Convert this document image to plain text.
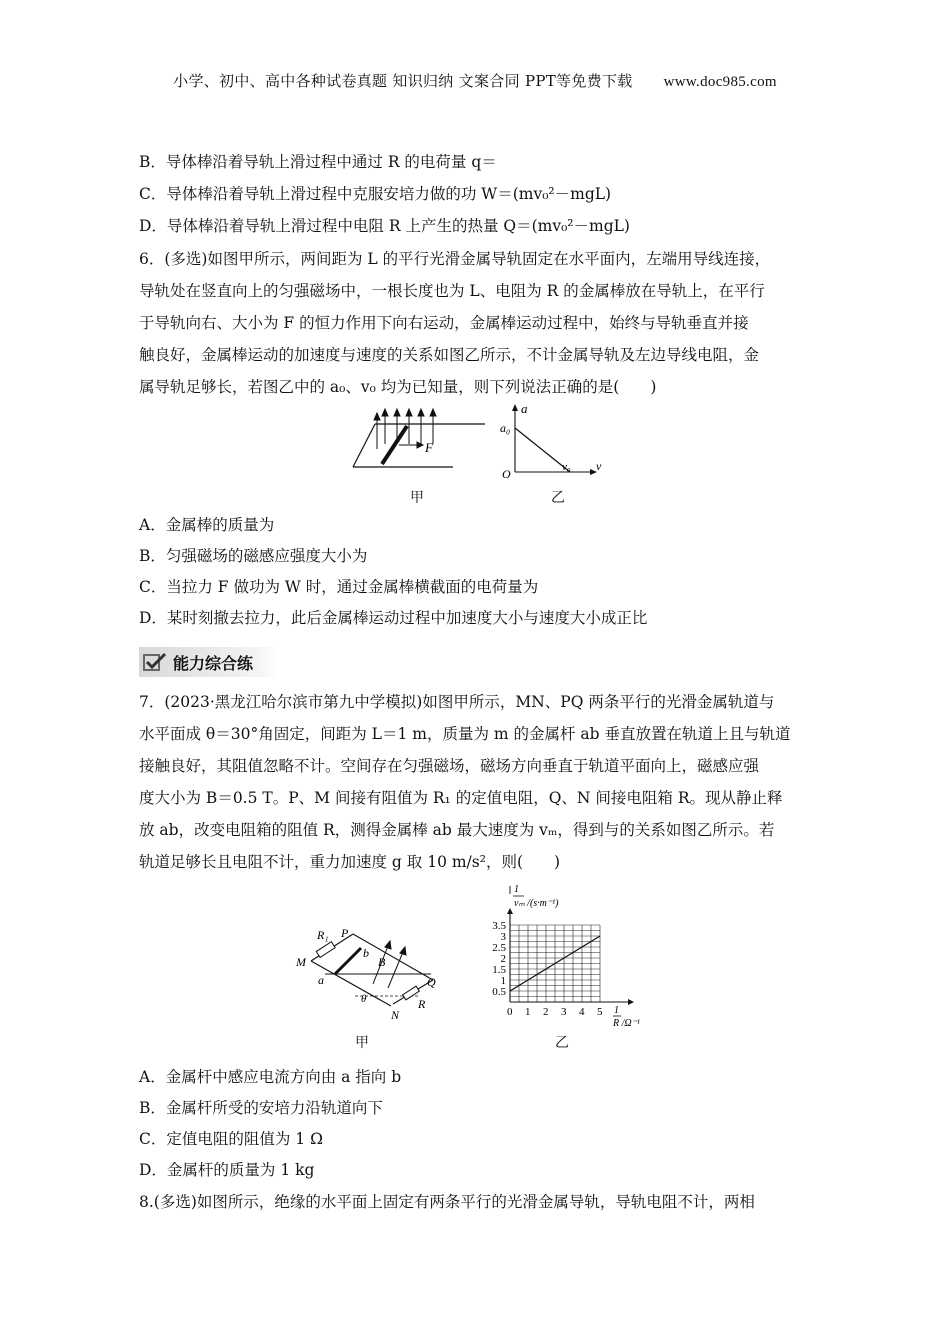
小学、初中、高中各种试卷真题 知识归纳 文案合同 PPT等免费下载 www.doc985.com
B．导体棒沿着导轨上滑过程中通过 R 的电荷量 q＝
C．导体棒沿着导轨上滑过程中克服安培力做的功 W＝(mv₀²－mgL)
D．导体棒沿着导轨上滑过程中电阻 R 上产生的热量 Q＝(mv₀²－mgL)
6．(多选)如图甲所示，两间距为 L 的平行光滑金属导轨固定在水平面内，左端用导线连接，
导轨处在竖直向上的匀强磁场中，一根长度也为 L、电阻为 R 的金属棒放在导轨上，在平行
于导轨向右、大小为 F 的恒力作用下向右运动，金属棒运动过程中，始终与导轨垂直并接
触良好，金属棒运动的加速度与速度的关系如图乙所示，不计金属导轨及左边导线电阻，金
属导轨足够长，若图乙中的 a₀、v₀ 均为已知量，则下列说法正确的是(　　)
F
a
a₀
O	v₀ v
甲	乙
A．金属棒的质量为
B．匀强磁场的磁感应强度大小为
C．当拉力 F 做功为 W 时，通过金属棒横截面的电荷量为
D．某时刻撤去拉力，此后金属棒运动过程中加速度大小与速度大小成正比
能力综合练
7．(2023·黑龙江哈尔滨市第九中学模拟)如图甲所示，MN、PQ 两条平行的光滑金属轨道与
水平面成 θ＝30°角固定，间距为 L＝1 m，质量为 m 的金属杆 ab 垂直放置在轨道上且与轨道
接触良好，其阻值忽略不计。空间存在匀强磁场，磁场方向垂直于轨道平面向上，磁感应强
度大小为 B＝0.5 T。P、M 间接有阻值为 R₁ 的定值电阻，Q、N 间接电阻箱 R。现从静止释
放 ab，改变电阻箱的阻值 R，测得金属棒 ab 最大速度为 vₘ，得到与的关系如图乙所示。若
轨道足够长且电阻不计，重力加速度 g 取 10 m/s²，则(　　)
R₁ P
b
B
M
a	Q
θ	R
N
甲
1
vₘ /(s·m⁻¹)
1
R /Ω⁻¹
0 1 2 3 4 5
0.5
1
1.5
2
2.5
3
3.5
乙
A．金属杆中感应电流方向由 a 指向 b
B．金属杆所受的安培力沿轨道向下
C．定值电阻的阻值为 1 Ω
D．金属杆的质量为 1 kg
8.(多选)如图所示，绝缘的水平面上固定有两条平行的光滑金属导轨，导轨电阻不计，两相
